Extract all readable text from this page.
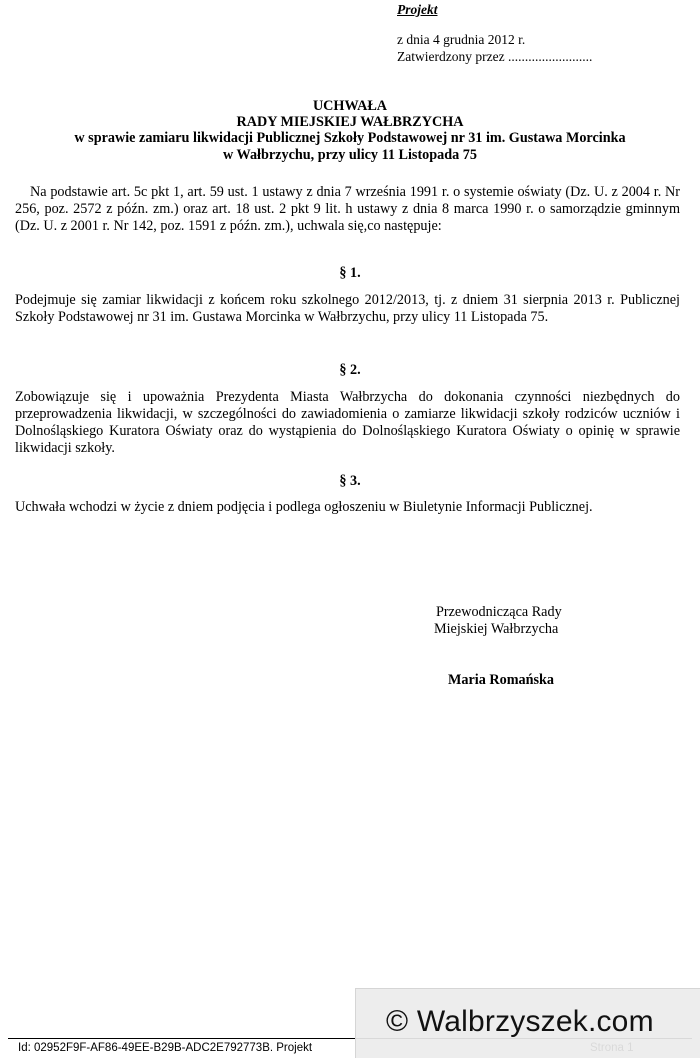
Projekt
z dnia 4 grudnia 2012 r.
Zatwierdzony przez .........................
UCHWAŁA
RADY MIEJSKIEJ WAŁBRZYCHA
w sprawie zamiaru likwidacji Publicznej Szkoły Podstawowej nr 31 im. Gustawa Morcinka
w Wałbrzychu, przy ulicy 11 Listopada 75
Na podstawie art. 5c pkt 1, art. 59 ust. 1 ustawy z dnia 7 września 1991 r. o systemie oświaty (Dz. U. z 2004 r. Nr 256, poz. 2572 z późn. zm.) oraz art. 18 ust. 2 pkt 9 lit. h ustawy z dnia 8 marca 1990 r. o samorządzie gminnym (Dz. U. z 2001 r. Nr 142, poz. 1591 z późn. zm.), uchwala się,co następuje:
§ 1.
Podejmuje się zamiar likwidacji z końcem roku szkolnego 2012/2013, tj. z dniem 31 sierpnia 2013 r. Publicznej Szkoły Podstawowej nr 31 im. Gustawa Morcinka w Wałbrzychu, przy ulicy 11 Listopada 75.
§ 2.
Zobowiązuje się i upoważnia Prezydenta Miasta Wałbrzycha do dokonania czynności niezbędnych do przeprowadzenia likwidacji, w szczególności do zawiadomienia o zamiarze likwidacji szkoły rodziców uczniów i Dolnośląskiego Kuratora Oświaty oraz do wystąpienia do Dolnośląskiego Kuratora Oświaty o opinię w sprawie likwidacji szkoły.
§ 3.
Uchwała wchodzi w życie z dniem podjęcia i podlega ogłoszeniu w Biuletynie Informacji Publicznej.
Przewodnicząca Rady
Miejskiej Wałbrzycha
Maria Romańska
Id: 02952F9F-AF86-49EE-B29B-ADC2E792773B. Projekt
© Walbrzyszek.com
